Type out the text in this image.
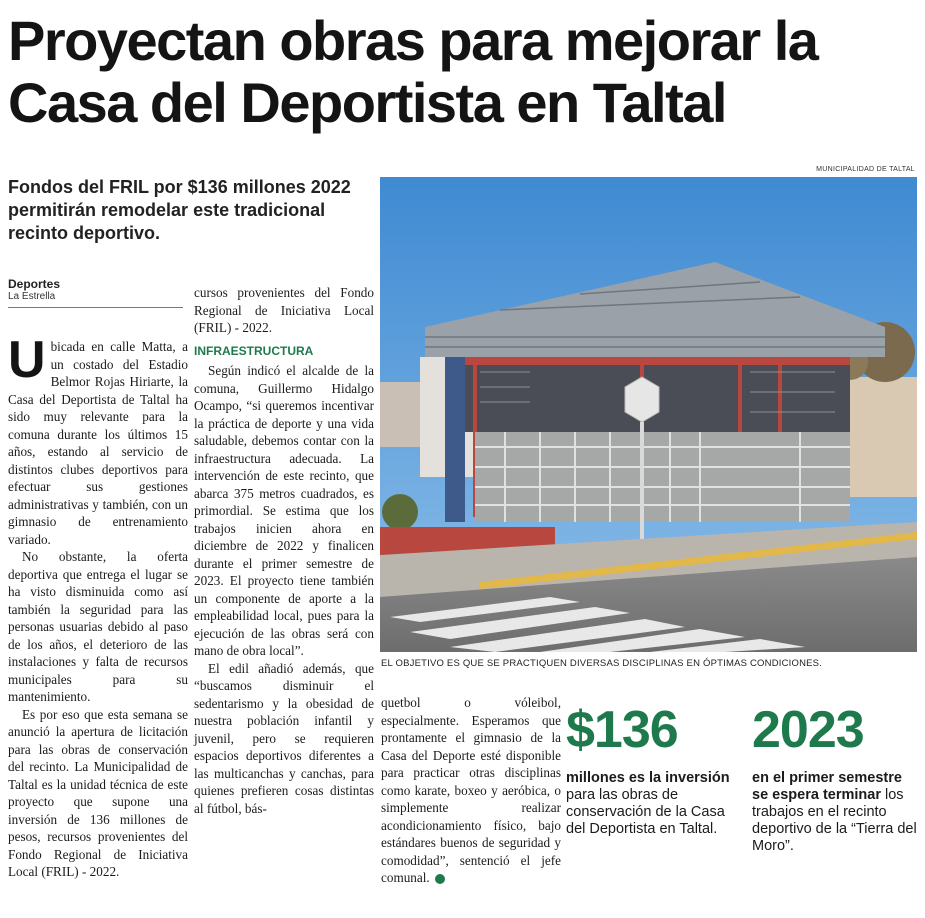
Proyectan obras para mejorar la Casa del Deportista en Taltal
MUNICIPALIDAD DE TALTAL
Fondos del FRIL por $136 millones 2022 permitirán remodelar este tradicional recinto deportivo.
Deportes
La Estrella

Ubicada en calle Matta, a un costado del Estadio Belmor Rojas Hiriarte, la Casa del Deportista de Taltal ha sido muy relevante para la comuna durante los últimos 15 años, estando al servicio de distintos clubes deportivos para efectuar sus gestiones administrativas y también, con un gimnasio de entrenamiento variado.

No obstante, la oferta deportiva que entrega el lugar se ha visto disminuida como así también la seguridad para las personas usuarias debido al paso de los años, el deterioro de las instalaciones y falta de recursos municipales para su mantenimiento.

Es por eso que esta semana se anunció la apertura de licitación para las obras de conservación del recinto. La Municipalidad de Taltal es la unidad técnica de este proyecto que supone una inversión de 136 millones de pesos, recursos provenientes del Fondo Regional de Iniciativa Local (FRIL) - 2022.

cursos provenientes del Fondo Regional de Iniciativa Local (FRIL) - 2022.

INFRAESTRUCTURA

Según indicó el alcalde de la comuna, Guillermo Hidalgo Ocampo, “si queremos incentivar la práctica de deporte y una vida saludable, debemos contar con la infraestructura adecuada. La intervención de este recinto, que abarca 375 metros cuadrados, es primordial. Se estima que los trabajos inicien ahora en diciembre de 2022 y finalicen durante el primer semestre de 2023. El proyecto tiene también un componente de aporte a la empleabilidad local, pues para la ejecución de las obras será con mano de obra local”.

El edil añadió además, que “buscamos disminuir el sedentarismo y la obesidad de nuestra población infantil y juvenil, pero se requieren espacios deportivos diferentes a las multicanchas y canchas, para quienes prefieren cosas distintas al fútbol, bás-

quetbol o vóleibol, especialmente. Esperamos que prontamente el gimnasio de la Casa del Deporte esté disponible para practicar otras disciplinas como karate, boxeo y aeróbica, o simplemente realizar acondicionamiento físico, bajo estándares buenos de seguridad y comodidad”, sentenció el jefe comunal.

EL OBJETIVO ES QUE SE PRACTIQUEN DIVERSAS DISCIPLINAS EN ÓPTIMAS CONDICIONES.
$136
millones es la inversión para las obras de conservación de la Casa del Deportista en Taltal.
2023
en el primer semestre se espera terminar los trabajos en el recinto deportivo de la “Tierra del Moro”.
